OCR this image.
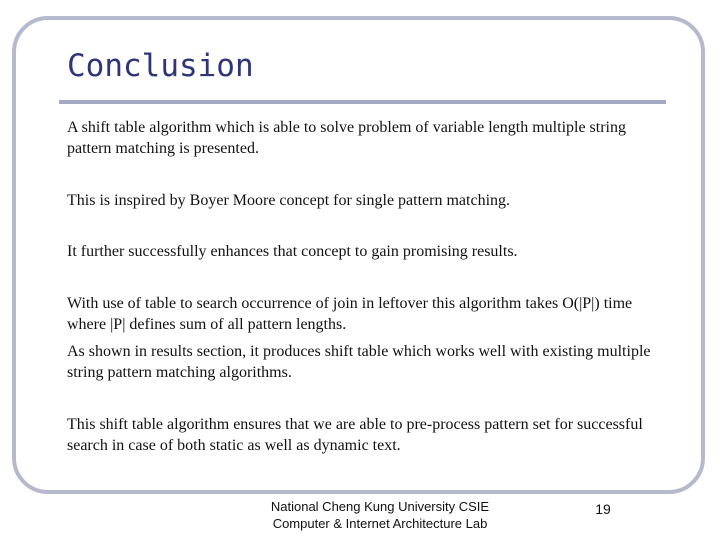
Conclusion
A shift table algorithm which is able to solve problem of variable length multiple string pattern matching is presented.
This is inspired by Boyer Moore concept for single pattern matching.
It further successfully enhances that concept to gain promising results.
With use of table to search occurrence of join in leftover this algorithm takes O(|P|) time where |P| defines sum of all pattern lengths.
As shown in results section, it produces shift table which works well with existing multiple string pattern matching algorithms.
This shift table algorithm ensures that we are able to pre-process pattern set for successful search in case of both static as well as dynamic text.
National Cheng Kung University CSIE
Computer & Internet Architecture Lab
19
